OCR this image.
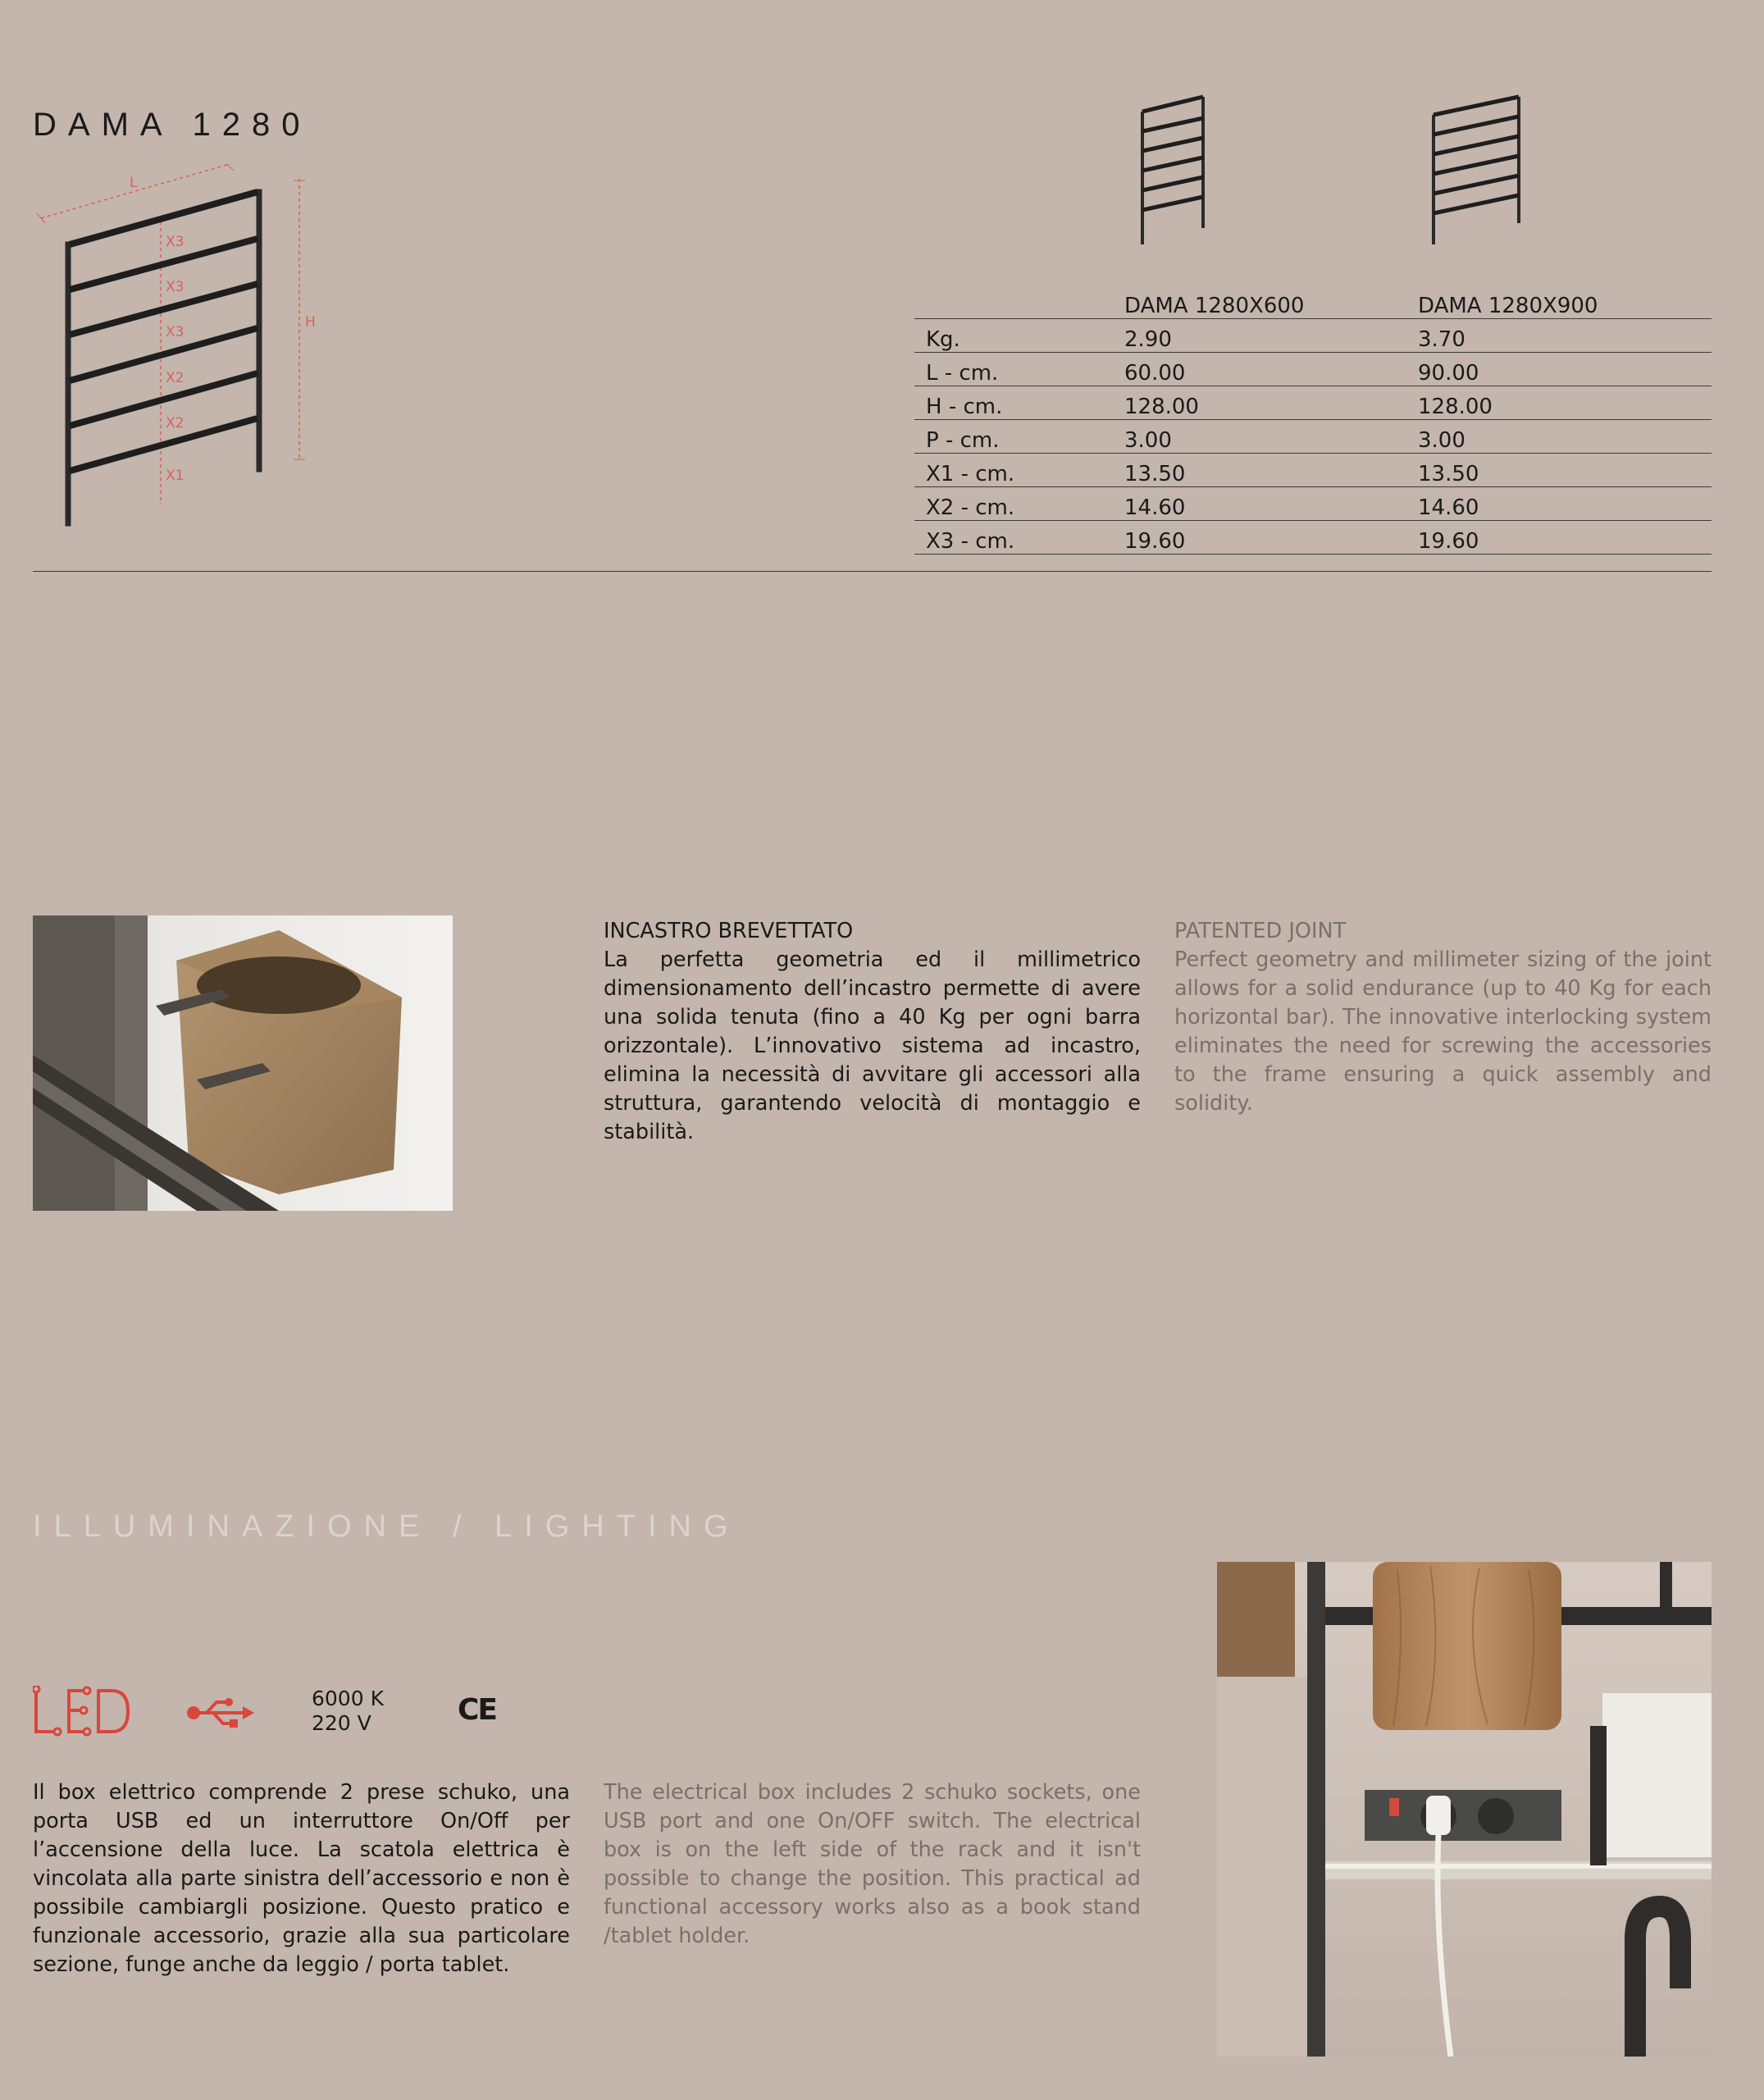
DAMA 1280
L
H
X3
X3
X3
X2
X2
X1
	DAMA 1280X600	DAMA 1280X900
Kg.	2.90	3.70
L - cm.	60.00	90.00
H - cm.	128.00	128.00
P - cm.	3.00	3.00
X1 - cm.	13.50	13.50
X2 - cm.	14.60	14.60
X3 - cm.	19.60	19.60
INCASTRO BREVETTATO
La perfetta geometria ed il millimetrico dimensionamento dell’incastro permette di avere una solida tenuta (fino a 40 Kg per ogni barra orizzontale). L’innovativo sistema ad incastro, elimina la necessità di avvitare gli accessori alla struttura, garantendo velocità di montaggio e stabilità.
PATENTED JOINT
Perfect geometry and millimeter sizing of the joint allows for a solid endurance (up to 40 Kg for each horizontal bar). The innovative interlocking system eliminates the need for screwing the accessories to the frame ensuring a quick assembly and solidity.
ILLUMINAZIONE / LIGHTING
6000 K
220 V	CE
Il box elettrico comprende 2 prese schuko, una porta USB ed un interruttore On/Off per l’accensione della luce. La scatola elettrica è vincolata alla parte sinistra dell’accessorio e non è possibile cambiargli posizione. Questo pratico e funzionale accessorio, grazie alla sua particolare sezione, funge anche da leggio / porta tablet.
The electrical box includes 2 schuko sockets, one USB port and one On/OFF switch. The electrical box is on the left side of the rack and it isn't possible to change the position. This practical ad functional accessory works also as a book stand /tablet holder.
